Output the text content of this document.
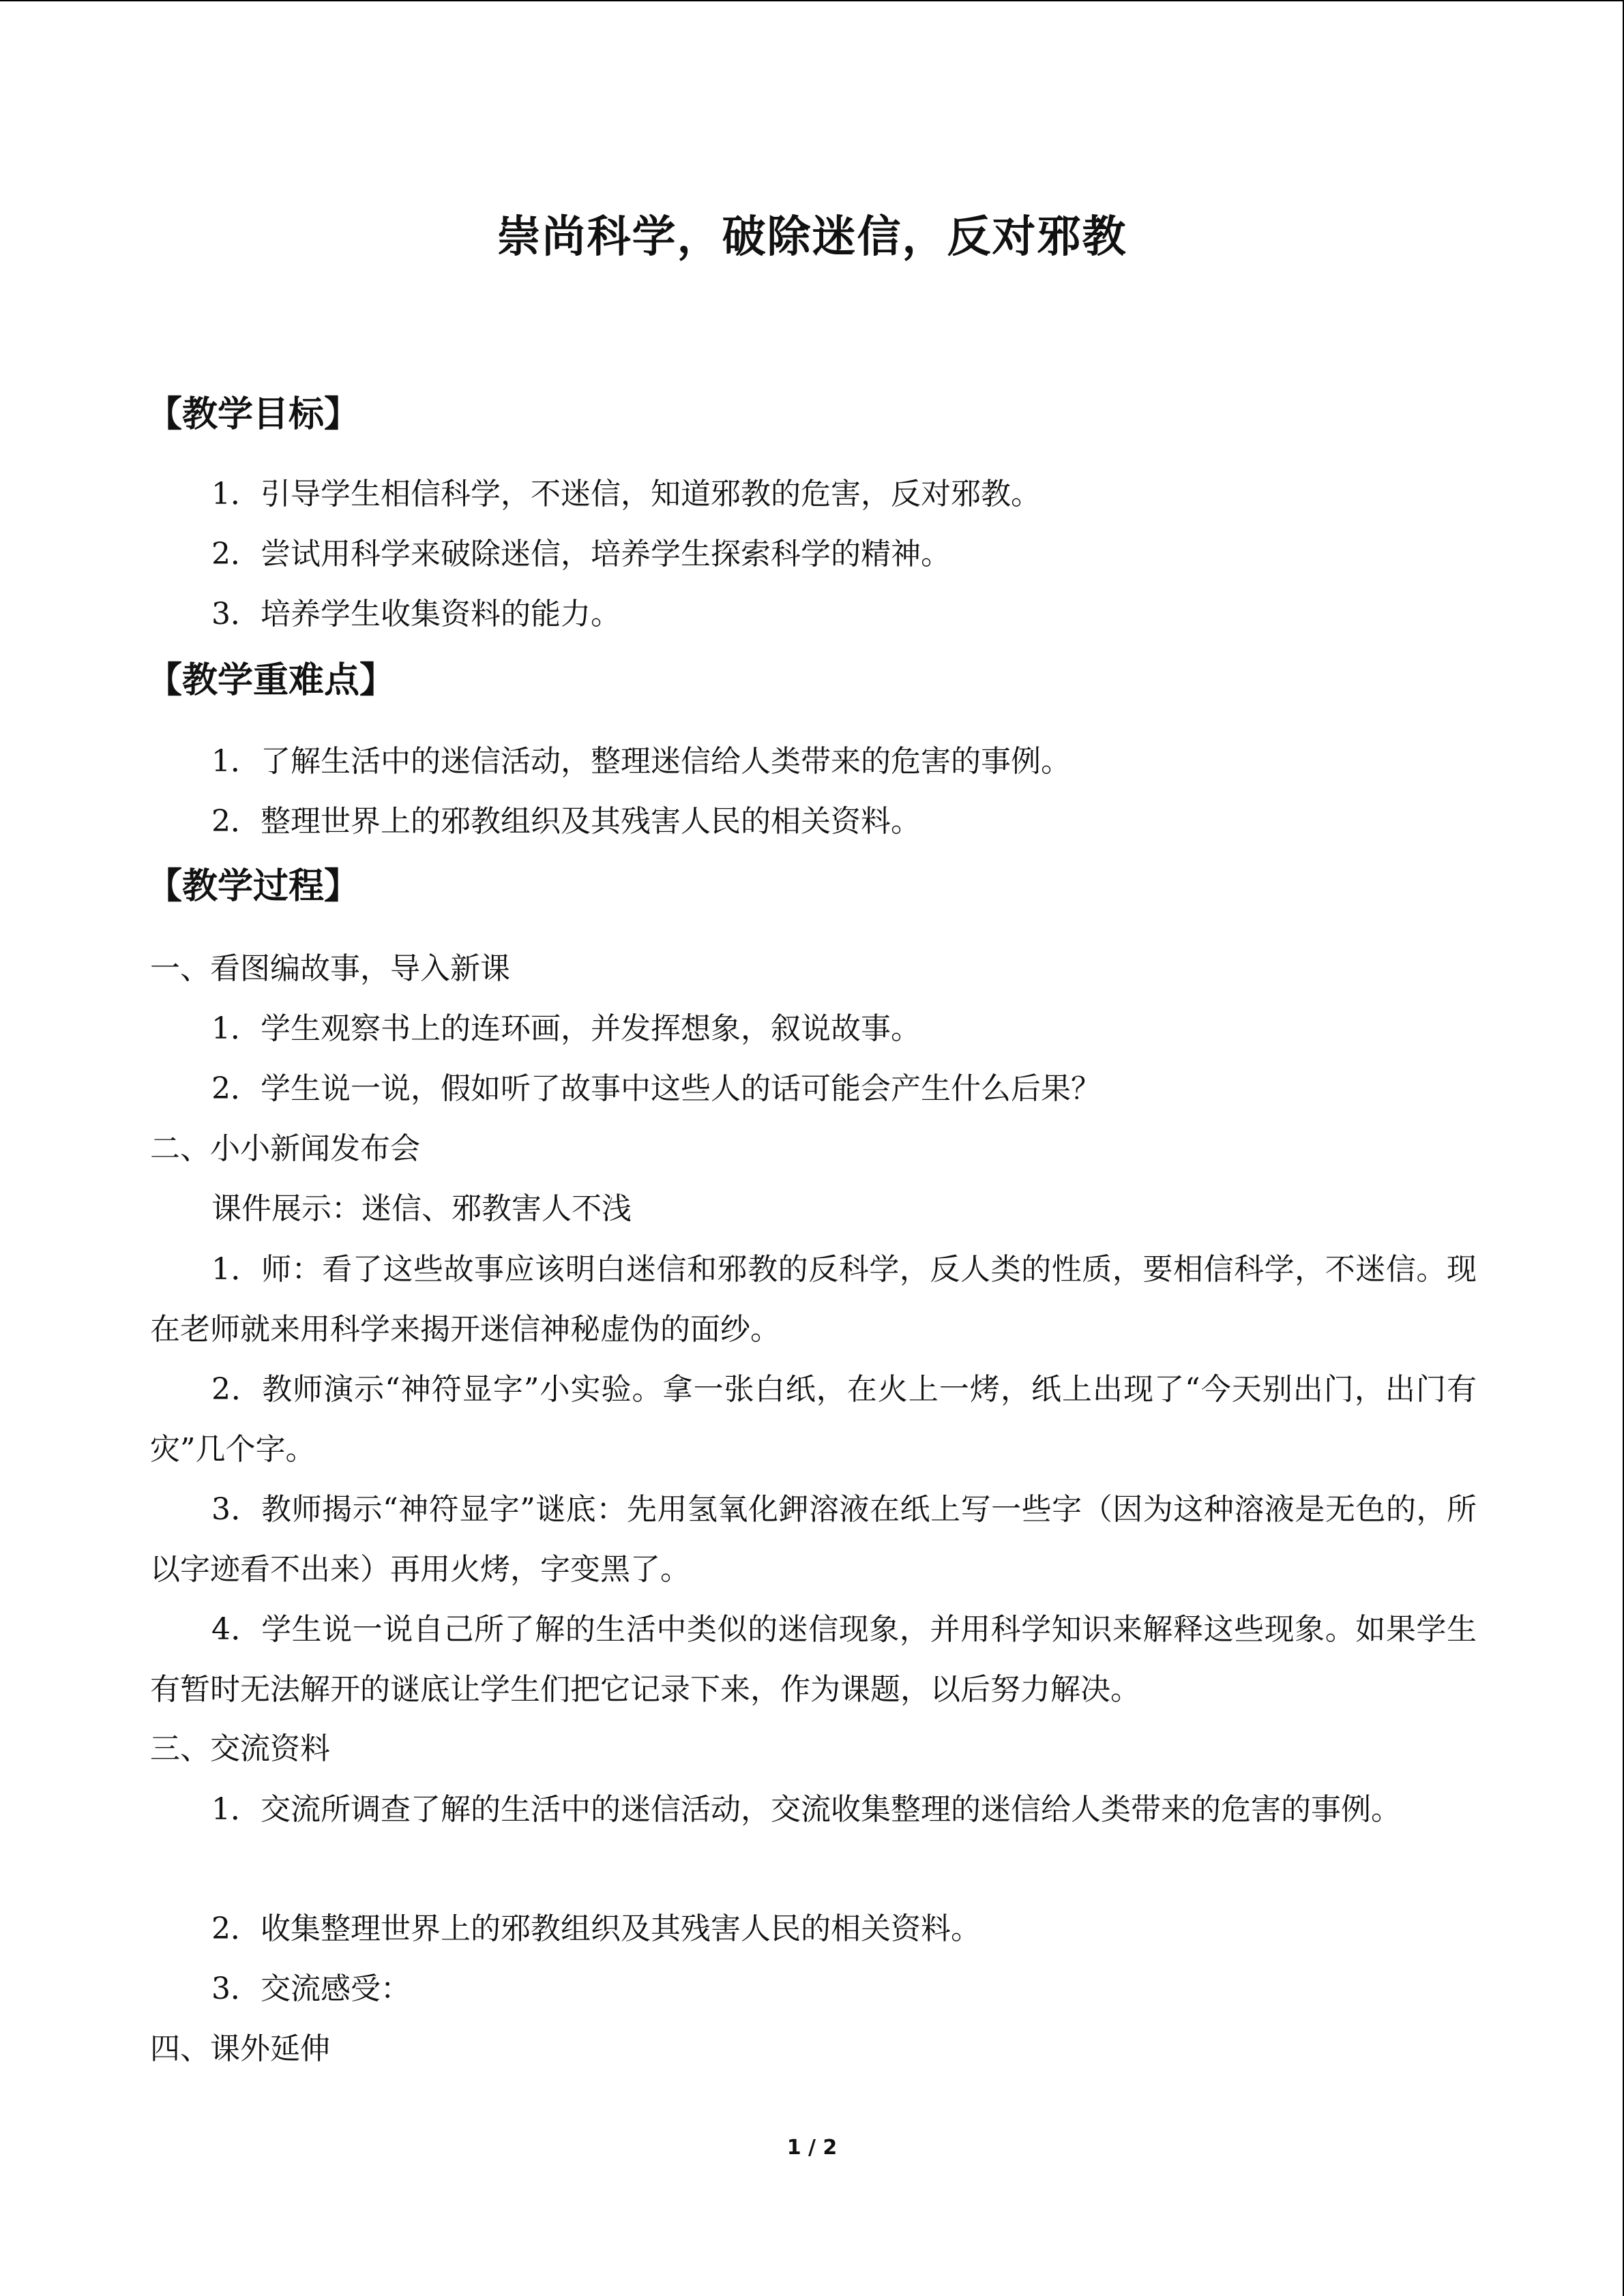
崇尚科学，破除迷信，反对邪教
【教学目标】
1．引导学生相信科学，不迷信，知道邪教的危害，反对邪教。
2．尝试用科学来破除迷信，培养学生探索科学的精神。
3．培养学生收集资料的能力。
【教学重难点】
1．了解生活中的迷信活动，整理迷信给人类带来的危害的事例。
2．整理世界上的邪教组织及其残害人民的相关资料。
【教学过程】
一、看图编故事，导入新课
1．学生观察书上的连环画，并发挥想象，叙说故事。
2．学生说一说，假如听了故事中这些人的话可能会产生什么后果？
二、小小新闻发布会
课件展示：迷信、邪教害人不浅
1．师：看了这些故事应该明白迷信和邪教的反科学，反人类的性质，要相信科学，不迷信。现在老师就来用科学来揭开迷信神秘虚伪的面纱。
2．教师演示“神符显字”小实验。拿一张白纸，在火上一烤，纸上出现了“今天别出门，出门有灾”几个字。
3．教师揭示“神符显字”谜底：先用氢氧化鉀溶液在纸上写一些字（因为这种溶液是无色的，所以字迹看不出来）再用火烤，字变黑了。
4．学生说一说自己所了解的生活中类似的迷信现象，并用科学知识来解释这些现象。如果学生有暂时无法解开的谜底让学生们把它记录下来，作为课题，以后努力解决。
三、交流资料
1．交流所调查了解的生活中的迷信活动，交流收集整理的迷信给人类带来的危害的事例。
2．收集整理世界上的邪教组织及其残害人民的相关资料。
3．交流感受：
四、课外延伸
1 / 2
